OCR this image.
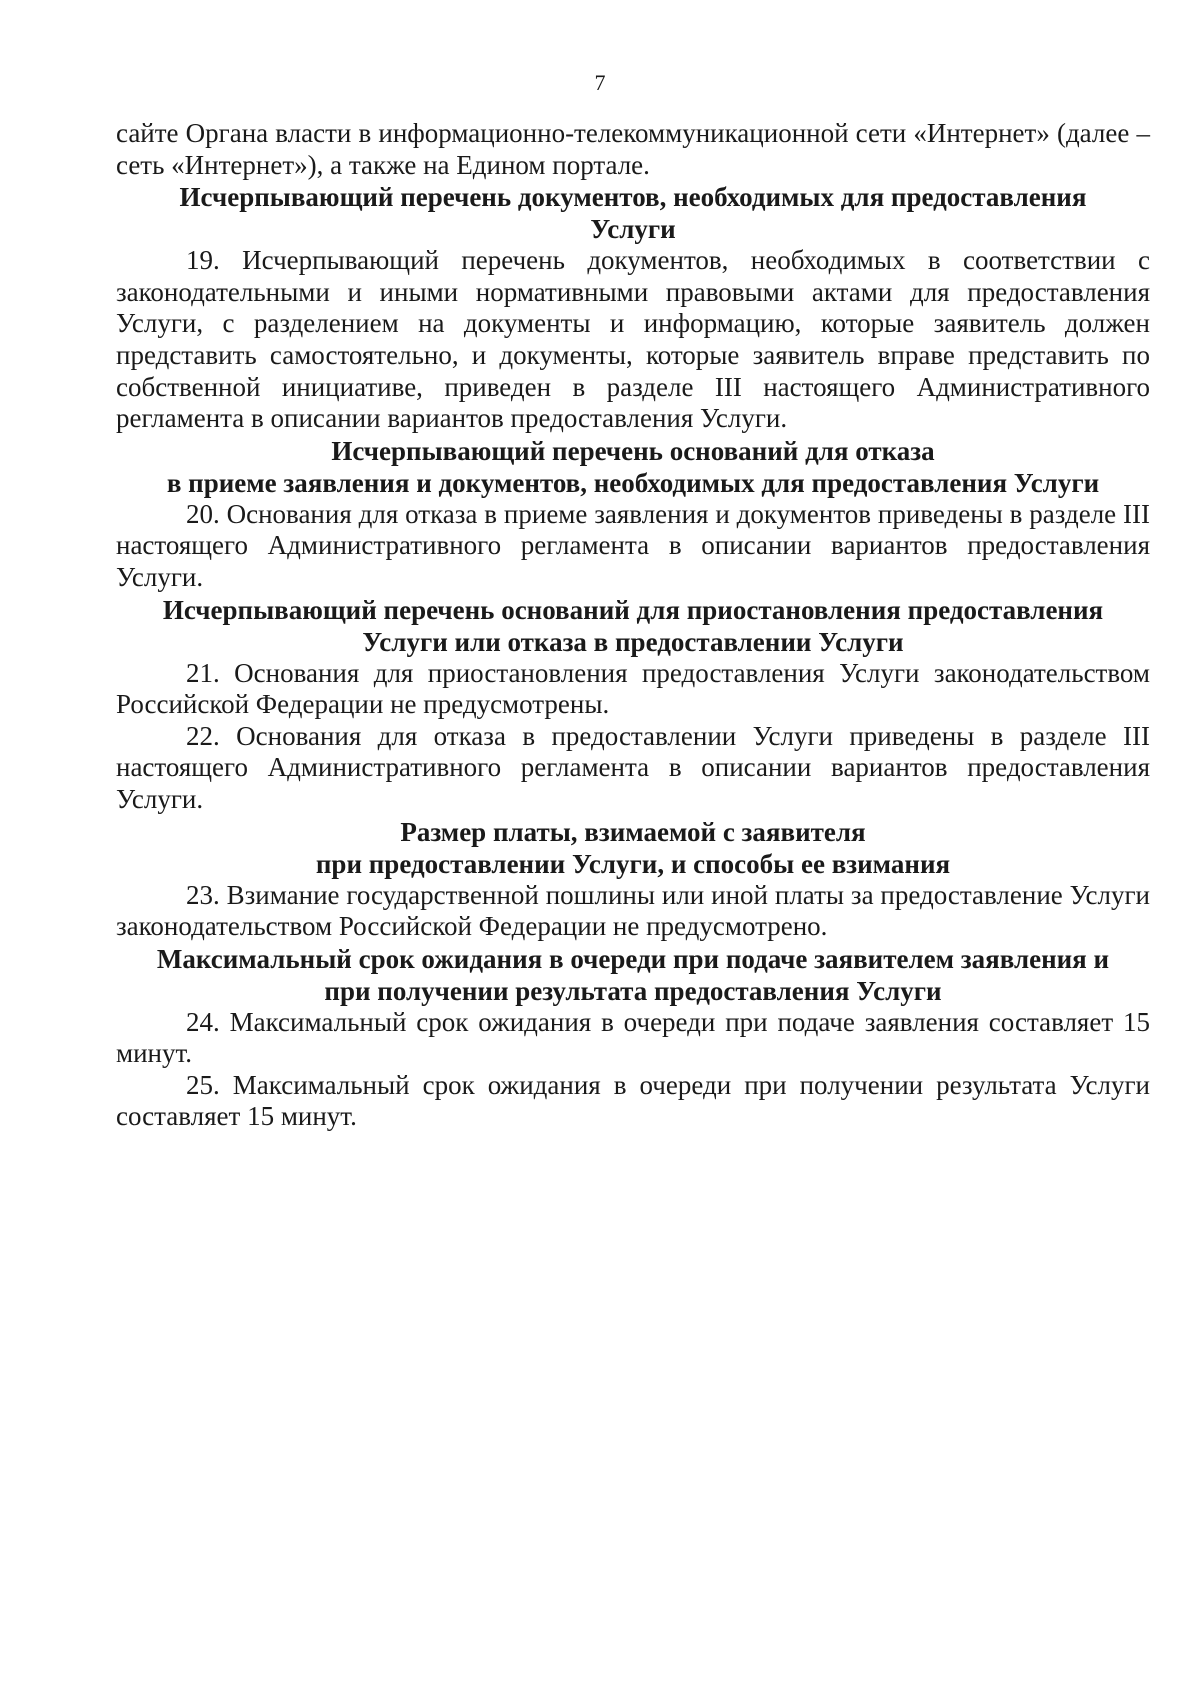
7

сайте Органа власти в информационно-телекоммуникационной сети «Интернет» (далее – сеть «Интернет»), а также на Едином портале.

Исчерпывающий перечень документов, необходимых для предоставления
Услуги

19. Исчерпывающий перечень документов, необходимых в соответствии с законодательными и иными нормативными правовыми актами для предоставления Услуги, с разделением на документы и информацию, которые заявитель должен представить самостоятельно, и документы, которые заявитель вправе представить по собственной инициативе, приведен в разделе III настоящего Административного регламента в описании вариантов предоставления Услуги.

Исчерпывающий перечень оснований для отказа
в приеме заявления и документов, необходимых для предоставления Услуги

20. Основания для отказа в приеме заявления и документов приведены в разделе III настоящего Административного регламента в описании вариантов предоставления Услуги.

Исчерпывающий перечень оснований для приостановления предоставления
Услуги или отказа в предоставлении Услуги

21. Основания для приостановления предоставления Услуги законодательством Российской Федерации не предусмотрены.

22. Основания для отказа в предоставлении Услуги приведены в разделе III настоящего Административного регламента в описании вариантов предоставления Услуги.

Размер платы, взимаемой с заявителя
при предоставлении Услуги, и способы ее взимания

23. Взимание государственной пошлины или иной платы за предоставление Услуги законодательством Российской Федерации не предусмотрено.

Максимальный срок ожидания в очереди при подаче заявителем заявления и
при получении результата предоставления Услуги

24. Максимальный срок ожидания в очереди при подаче заявления составляет 15 минут.

25. Максимальный срок ожидания в очереди при получении результата Услуги составляет 15 минут.
